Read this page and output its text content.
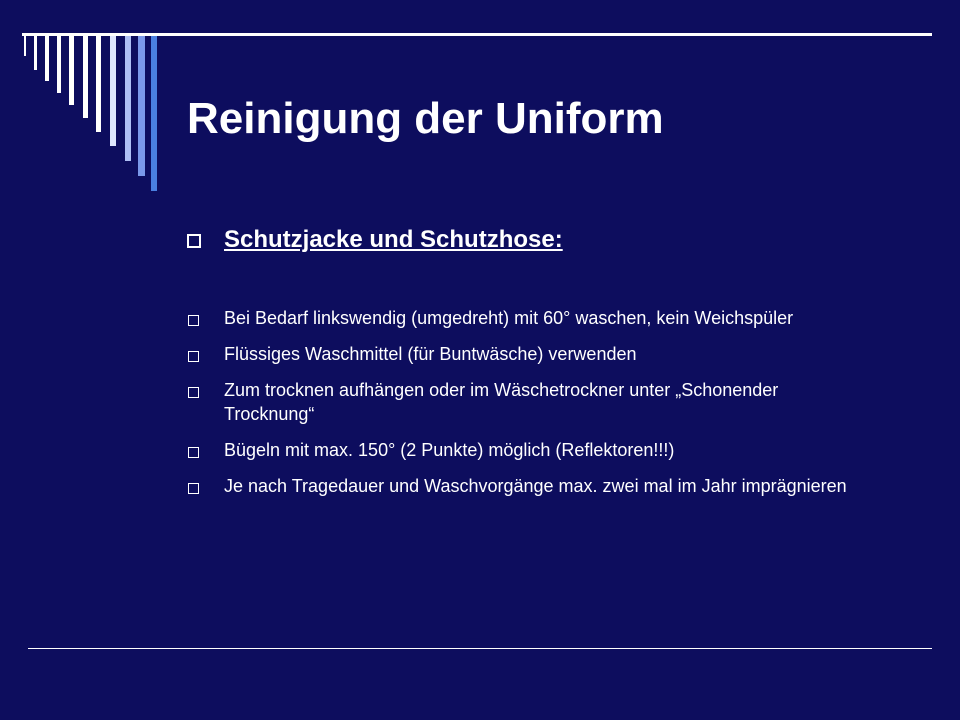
Reinigung der Uniform
Schutzjacke und Schutzhose:
Bei Bedarf linkswendig (umgedreht) mit 60° waschen, kein Weichspüler
Flüssiges Waschmittel (für Buntwäsche) verwenden
Zum trocknen aufhängen oder im Wäschetrockner unter „Schonender Trocknung“
Bügeln mit max. 150° (2 Punkte) möglich (Reflektoren!!!)
Je nach Tragedauer und Waschvorgänge max. zwei mal im Jahr imprägnieren
